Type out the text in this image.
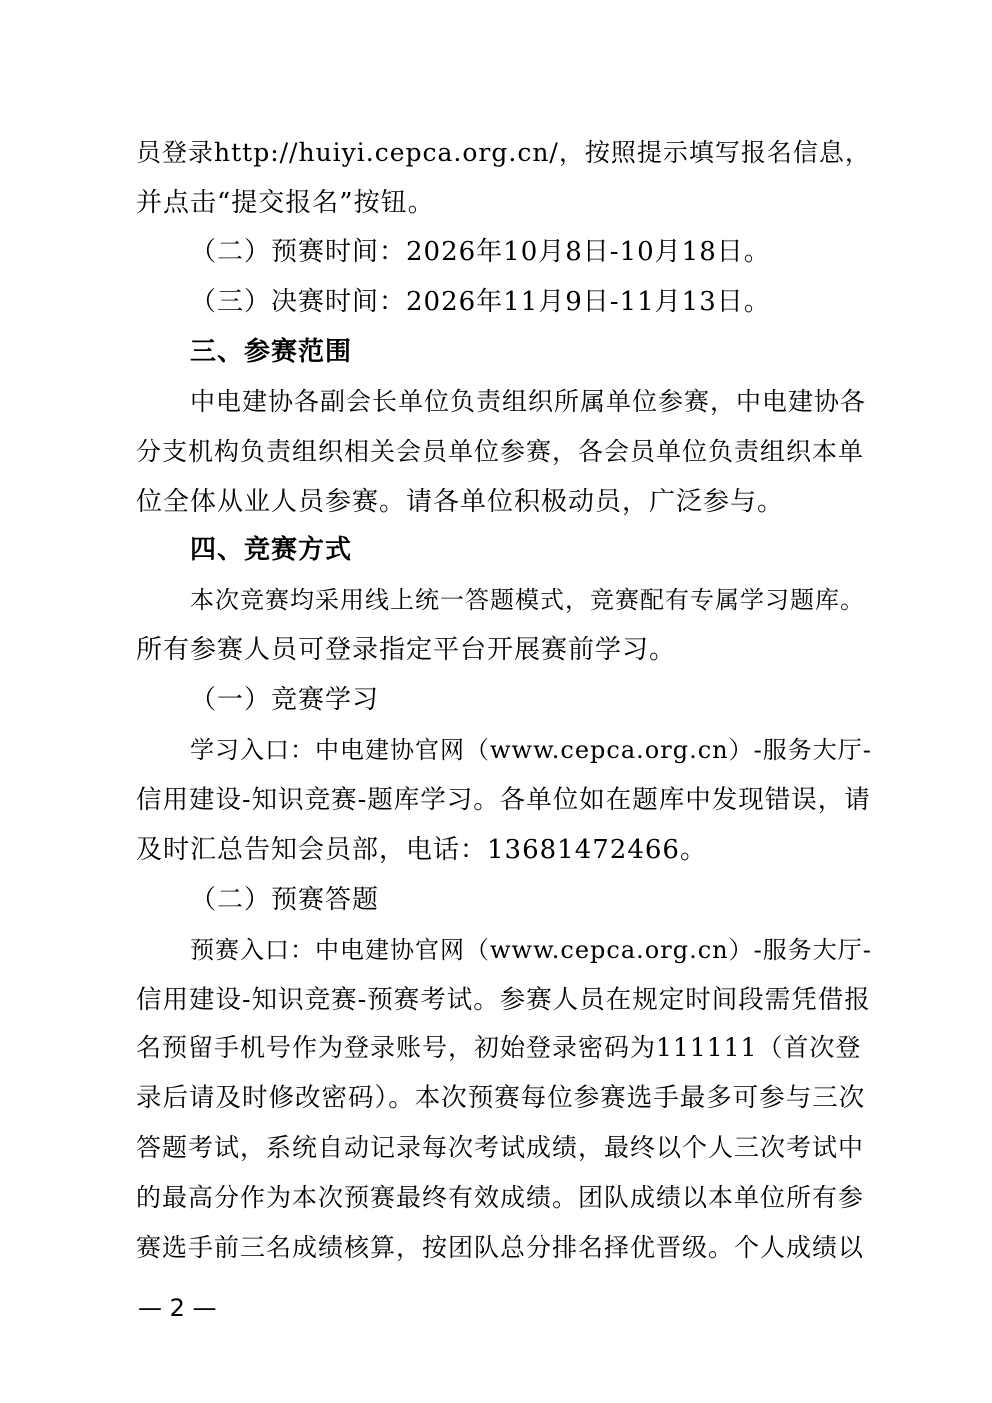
员登录http://huiyi.cepca.org.cn/，按照提示填写报名信息，
并点击“提交报名”按钮。
（二）预赛时间：2026年10月8日-10月18日。
（三）决赛时间：2026年11月9日-11月13日。
三、参赛范围
中电建协各副会长单位负责组织所属单位参赛，中电建协各
分支机构负责组织相关会员单位参赛，各会员单位负责组织本单
位全体从业人员参赛。请各单位积极动员，广泛参与。
四、竞赛方式
本次竞赛均采用线上统一答题模式，竞赛配有专属学习题库。
所有参赛人员可登录指定平台开展赛前学习。
（一）竞赛学习
学习入口：中电建协官网（www.cepca.org.cn）-服务大厅-
信用建设-知识竞赛-题库学习。各单位如在题库中发现错误，请
及时汇总告知会员部，电话：13681472466。
（二）预赛答题
预赛入口：中电建协官网（www.cepca.org.cn）-服务大厅-
信用建设-知识竞赛-预赛考试。参赛人员在规定时间段需凭借报
名预留手机号作为登录账号，初始登录密码为111111（首次登
录后请及时修改密码）。本次预赛每位参赛选手最多可参与三次
答题考试，系统自动记录每次考试成绩，最终以个人三次考试中
的最高分作为本次预赛最终有效成绩。团队成绩以本单位所有参
赛选手前三名成绩核算，按团队总分排名择优晋级。个人成绩以
— 2 —
